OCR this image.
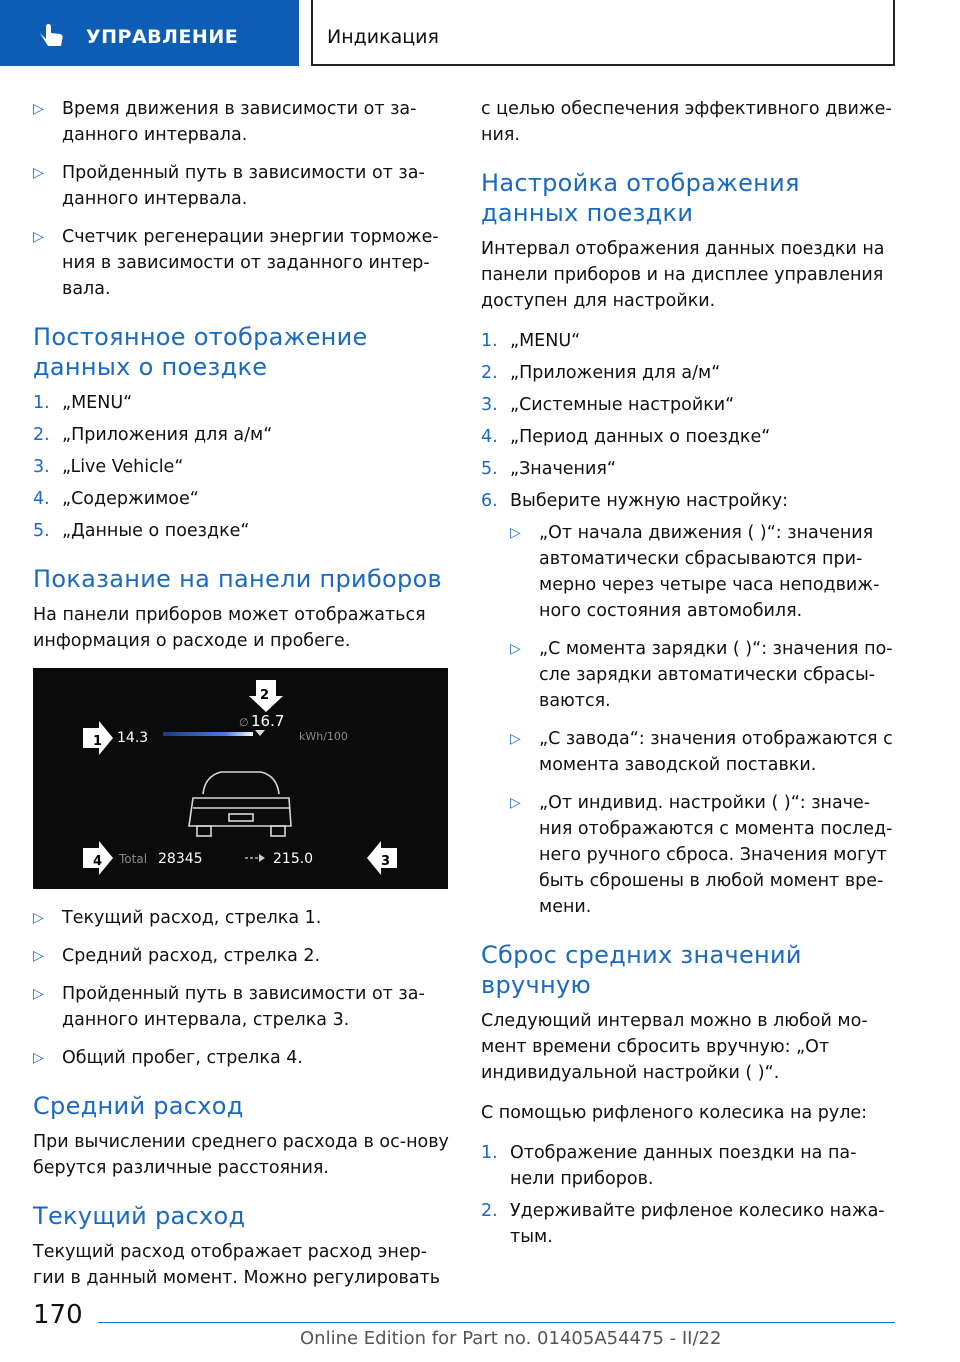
УПРАВЛЕНИЕ	Индикация
▷ Время движения в зависимости от за-данного интервала.
▷ Пройденный путь в зависимости от за-данного интервала.
▷ Счетчик регенерации энергии торможе-ния в зависимости от заданного интер-вала.
Постоянное отображение данных о поездке
1. „MENU“
2. „Приложения для а/м“
3. „Live Vehicle“
4. „Содержимое“
5. „Данные о поездке“
Показание на панели приборов

На панели приборов может отображаться информация о расходе и пробеге.

1 14.3
2
∅ 16.7
kWh/100
4 Total 28345	215.0	3
▷ Текущий расход, стрелка 1.
▷ Средний расход, стрелка 2.
▷ Пройденный путь в зависимости от за-данного интервала, стрелка 3.
▷ Общий пробег, стрелка 4.
Средний расход

При вычислении среднего расхода в ос-нову берутся различные расстояния.

Текущий расход

Текущий расход отображает расход энер-гии в данный момент. Можно регулировать

с целью обеспечения эффективного движе-ния.

Настройка отображения данных поездки

Интервал отображения данных поездки на панели приборов и на дисплее управления доступен для настройки.

1. „MENU“
2. „Приложения для а/м“
3. „Системные настройки“
4. „Период данных о поездке“
5. „Значения“
6. Выберите нужную настройку:
▷ „От начала движения ( )“: значения автоматически сбрасываются при-мерно через четыре часа неподвиж-ного состояния автомобиля.
▷ „С момента зарядки ( )“: значения по-сле зарядки автоматически сбрасы-ваются.
▷ „С завода“: значения отображаются с момента заводской поставки.
▷ „От индивид. настройки ( )“: значе-ния отображаются с момента послед-него ручного сброса. Значения могут быть сброшены в любой момент вре-мени.
Сброс средних значений вручную

Следующий интервал можно в любой мо-мент времени сбросить вручную: „От индивидуальной настройки ( )“.

С помощью рифленого колесика на руле:

1. Отображение данных поездки на па-нели приборов.
2. Удерживайте рифленое колесико нажа-тым.
170
Online Edition for Part no. 01405A54475 - II/22
